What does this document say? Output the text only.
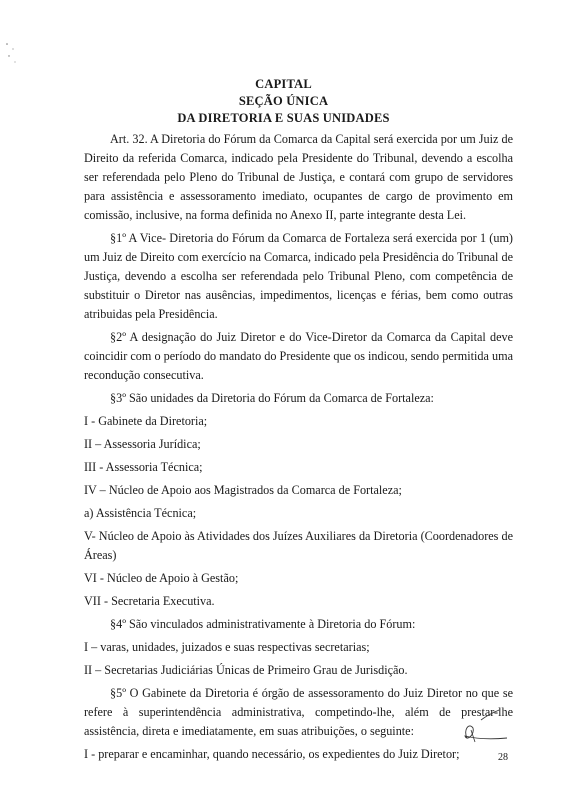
CAPITAL
SEÇÃO ÚNICA
DA DIRETORIA E SUAS UNIDADES

Art. 32. A Diretoria do Fórum da Comarca da Capital será exercida por um Juiz de Direito da referida Comarca, indicado pela Presidente do Tribunal, devendo a escolha ser referendada pelo Pleno do Tribunal de Justiça, e contará com grupo de servidores para assistência e assessoramento imediato, ocupantes de cargo de provimento em comissão, inclusive, na forma definida no Anexo II, parte integrante desta Lei.

§1º A Vice- Diretoria do Fórum da Comarca de Fortaleza será exercida por 1 (um) um Juiz de Direito com exercício na Comarca, indicado pela Presidência do Tribunal de Justiça, devendo a escolha ser referendada pelo Tribunal Pleno, com competência de substituir o Diretor nas ausências, impedimentos, licenças e férias, bem como outras atribuidas pela Presidência.

§2º A designação do Juiz Diretor e do Vice-Diretor da Comarca da Capital deve coincidir com o período do mandato do Presidente que os indicou, sendo permitida uma recondução consecutiva.

§3º São unidades da Diretoria do Fórum da Comarca de Fortaleza:

I - Gabinete da Diretoria;

II – Assessoria Jurídica;

III - Assessoria Técnica;

IV – Núcleo de Apoio aos Magistrados da Comarca de Fortaleza;

a) Assistência Técnica;

V- Núcleo de Apoio às Atividades dos Juízes Auxiliares da Diretoria (Coordenadores de Áreas)

VI - Núcleo de Apoio à Gestão;

VII - Secretaria Executiva.

§4º São vinculados administrativamente à Diretoria do Fórum:

I – varas, unidades, juizados e suas respectivas secretarias;

II – Secretarias Judiciárias Únicas de Primeiro Grau de Jurisdição.

§5º O Gabinete da Diretoria é órgão de assessoramento do Juiz Diretor no que se refere à superintendência administrativa, competindo-lhe, além de prestar-lhe assistência, direta e imediatamente, em suas atribuições, o seguinte:

I - preparar e encaminhar, quando necessário, os expedientes do Juiz Diretor;	28
